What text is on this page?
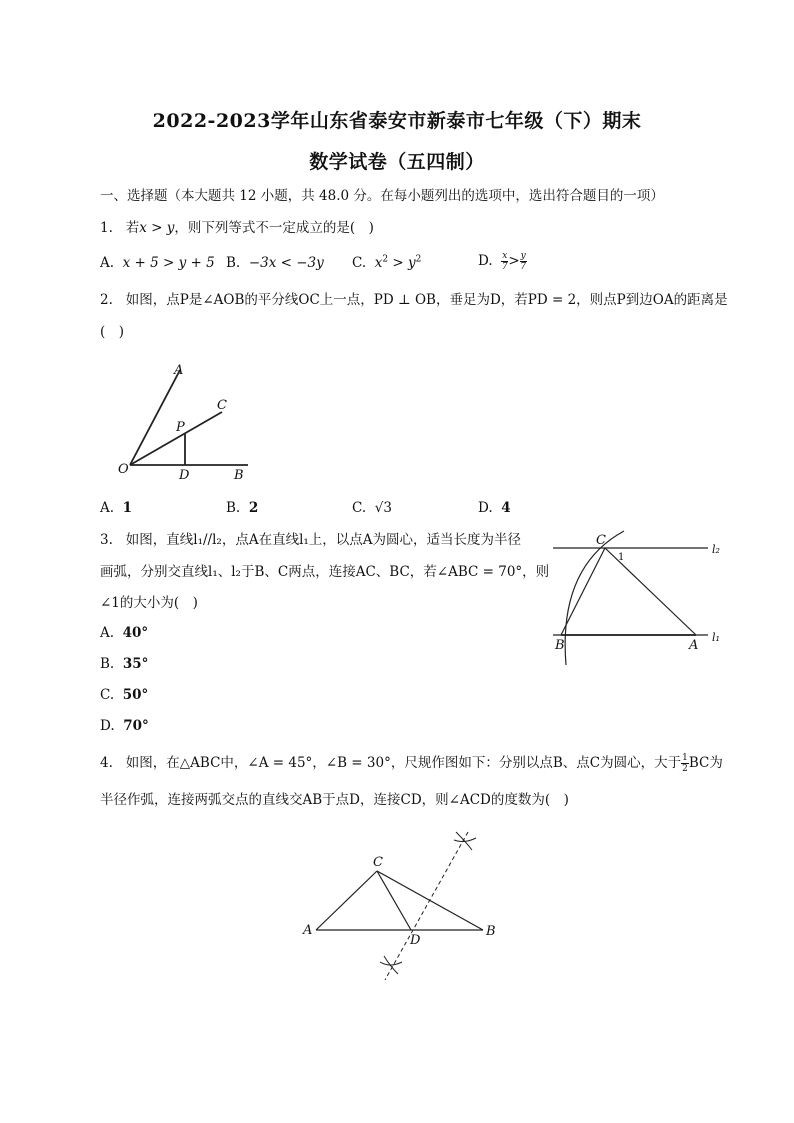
2022-2023学年山东省泰安市新泰市七年级（下）期末
数学试卷（五四制）
一、选择题（本大题共 12 小题，共 48.0 分。在每小题列出的选项中，选出符合题目的一项）
1. 若x > y，则下列等式不一定成立的是(　)
A. x + 5 > y + 5 B. −3x < −3y C. $x^2 > y^2$	D. $\frac{x}{7} > \frac{y}{7}$
2. 如图，点P是∠AOB的平分线OC上一点，PD ⊥ OB，垂足为D，若PD = 2，则点P到边OA的距离是
(　)
A
C
P
O	D	B
A. 1	B. 2	C. √3	D. 4
3. 如图，直线l₁//l₂，点A在直线l₁上，以点A为圆心，适当长度为半径
画弧，分别交直线l₁、l₂于B、C两点，连接AC、BC，若∠ABC = 70°，则
∠1的大小为(　)
C
1
l₂
B	A
l₁
A. 40°
B. 35°
C. 50°
D. 70°
4. 如图，在△ABC中，∠A = 45°，∠B = 30°，尺规作图如下：分别以点B、点C为圆心，大于 $\frac{1}{2}$ BC为
半径作弧，连接两弧交点的直线交AB于点D，连接CD，则∠ACD的度数为(　)
C
A
D
B
